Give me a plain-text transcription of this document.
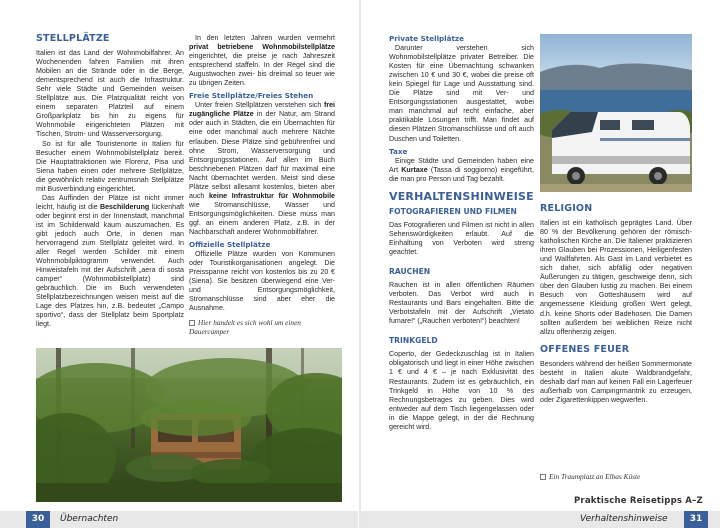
STELLPLÄTZE

Italien ist das Land der Wohnmobilfahrer. An Wochenenden fahren Familien mit ihren Mobilen an die Strände oder in die Berge, dementsprechend ist auch die Infrastruktur. Sehr viele Städte und Gemeinden weisen Stellplätze aus. Die Platzqualität reicht von einem separaten Platzteil auf einem Großparkplatz bis hin zu eigens für Wohnmobile eingerichteten Plätzen mit Tischen, Strom- und Wasserversorgung.

So ist für alle Touristenorte in Italien für Besucher einem Wohnmobilstellplatz bereit. Die Hauptattraktionen wie Florenz, Pisa und Siena haben einen oder mehrere Stellplätze, die gewöhnlich relativ zentrumsnah Stellplätze mit Busverbindung eingerichtet.

Das Auffinden der Plätze ist nicht immer leicht, häufig ist die Beschilderung lückenhaft oder beginnt erst in der Innenstadt, manchmal ist im Schilderwald kaum auszumachen. Es gibt jedoch auch Orte, in denen man hervorragend zum Stellplatz geleitet wird. In aller Regel werden Schilder mit einem Wohnmobilpiktogramm verwendet. Auch Hinweistafeln mit der Aufschrift „aera di sosta camper“ (Wohnmobilstellplatz) sind gebräuchlich. Die im Buch verwendeten Stellplatzbezeichnungen weisen meist auf die Lage des Platzes hin, z.B. bedeutet „Campo sportivo“, dass der Stellplatz beim Sportplatz liegt.

In den letzten Jahren wurden vermehrt privat betriebene Wohnmobilstellplätze eingerichtet, die preise je nach Jahreszeit entsprechend staffeln. In der Regel sind die Augustwochen zwei- bis dreimal so teuer wie zu übrigen Zeiten.

Freie Stellplätze/Freies Stehen

Unter freien Stellplätzen verstehen sich frei zugängliche Plätze in der Natur, am Strand oder auch in Städten, die ein Übernachten für eine oder manchmal auch mehrere Nächte erlauben. Diese Plätze sind gebührenfrei und ohne Strom, Wasserversorgung und Entsorgungsstationen. Auf allen im Buch beschriebenen Plätzen darf für maximal eine Nacht übernachtet werden. Meist sind diese Plätze selbst allesamt kostenlos, bieten aber auch keine Infrastruktur für Wohnmobile wie Stromanschlüsse, Wasser und Entsorgungsmöglichkeiten. Diese muss man ggf. an einem anderen Platz, z.B. in der Nachbarschaft anderer Wohnmobilfahrer.

Offizielle Stellplätze

Offizielle Plätze wurden von Kommunen oder Touristikorganisationen angelegt. Die Preisspanne reicht von kostenlos bis zu 20 € (Siena). Sie besitzen überwiegend eine Ver- und Entsorgungsmöglichkeit, Stromanschlüsse sind aber eher die Ausnahme.

Hier handelt es sich wohl um einen Dauercamper
30	Übernachten
Private Stellplätze

Darunter verstehen sich Wohnmobilstellplätze privater Betreiber. Die Kosten für eine Übernachtung schwanken zwischen 10 € und 30 €, wobei die preise oft kein Spiegel für Lage und Ausstattung sind. Die Plätze sind mit Ver- und Entsorgungsstationen ausgestattet, wobei man manchmal auf recht einfache, aber praktikable Lösungen trifft. Man findet auf diesen Plätzen Stromanschlüsse und oft auch Duschen und Toiletten.

Taxe

Einige Städte und Gemeinden haben eine Art Kurtaxe (Tassa di soggiorno) eingeführt, die man pro Person und Tag bezahlt.

VERHALTENSHINWEISE
FOTOGRAFIEREN UND FILMEN

Das Fotografieren und Filmen ist nicht in allen Sehenswürdigkeiten erlaubt. Auf die Einhaltung von Verboten wird streng geachtet.

RAUCHEN

Rauchen ist in allen öffentlichen Räumen verboten. Das Verbot wird auch in Restaurants und Bars eingehalten. Bitte die Verbotstafeln mit der Aufschrift „Vietato fumare!“ („Rauchen verboten!“) beachten!

TRINKGELD

Coperto, der Gedeckzuschlag ist in Italien obligatorisch und liegt in einer Höhe zwischen 1 € und 4 € – je nach Exklusivität des Restaurants. Zudem ist es gebräuchlich, ein Trinkgeld in Höhe von 10 % des Rechnungsbetrages zu geben. Dies wird entweder auf dem Tisch liegengelassen oder in die Mappe gelegt, in der die Rechnung gereicht wird.

RELIGION

Italien ist ein katholisch geprägtes Land. Über 80 % der Bevölkerung gehören der römisch-katholischen Kirche an. Die Italiener praktizieren ihren Glauben bei Prozessionen, Heiligenfesten und Wallfahrten. Als Gast im Land verbietet es sich daher, sich abfällig oder negativen Äußerungen zu tätigen, geschweige denn, sich über den Glauben lustig zu machen. Bei einem Besuch von Gotteshäusern wird auf angemessene Kleidung großen Wert gelegt, d.h. keine Shorts oder Badehosen. Die Damen sollten außerdem bei weiblichen Reize nicht allzu offenherzig zeigen.

OFFENES FEUER

Besonders während der heißen Sommermonate besteht in Italien akute Waldbrandgefahr, deshalb darf man auf keinen Fall ein Lagerfeuer außerhalb von Campingrmantrik zu erzeugen, oder Zigarettenkippen wegwerfen.

Ein Traumplatz an Elbas Küste
Praktische Reisetipps A–Z
Verhaltenshinweise	31
